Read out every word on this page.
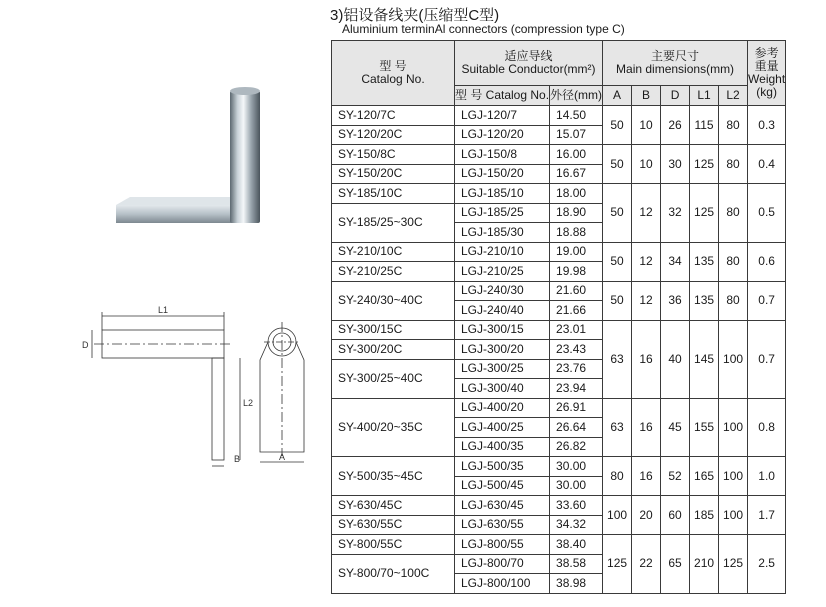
3)铝设备线夹(压缩型C型)
Aluminium terminAl connectors (compression type C)
L1
D
L2
B	A
型 号
Catalog No.	适应导线
Suitable Conductor(mm²)		主要尺寸
Main dimensions(mm)					参考
重量
Weight
(kg)

	型 号 Catalog No.	外径(mm)	A	B	D	L1	L2	
SY-120/7C	LGJ-120/7	14.50	50	10	26	115	80	0.3
SY-120/20C	LGJ-120/20	15.07						
SY-150/8C	LGJ-150/8	16.00	50	10	30	125	80	0.4
SY-150/20C	LGJ-150/20	16.67						
SY-185/10C	LGJ-185/10	18.00	50	12	32	125	80	0.5
SY-185/25~30C	LGJ-185/25	18.90						
	LGJ-185/30	18.88						
SY-210/10C	LGJ-210/10	19.00	50	12	34	135	80	0.6
SY-210/25C	LGJ-210/25	19.98						
SY-240/30~40C	LGJ-240/30	21.60	50	12	36	135	80	0.7
	LGJ-240/40	21.66						
SY-300/15C	LGJ-300/15	23.01	63	16	40	145	100	0.7
SY-300/20C	LGJ-300/20	23.43						
SY-300/25~40C	LGJ-300/25	23.76						
	LGJ-300/40	23.94						
SY-400/20~35C	LGJ-400/20	26.91	63	16	45	155	100	0.8
	LGJ-400/25	26.64						
	LGJ-400/35	26.82						
SY-500/35~45C	LGJ-500/35	30.00	80	16	52	165	100	1.0
	LGJ-500/45	30.00						
SY-630/45C	LGJ-630/45	33.60	100	20	60	185	100	1.7
SY-630/55C	LGJ-630/55	34.32						
SY-800/55C	LGJ-800/55	38.40	125	22	65	210	125	2.5
SY-800/70~100C	LGJ-800/70	38.58						
	LGJ-800/100	38.98						
